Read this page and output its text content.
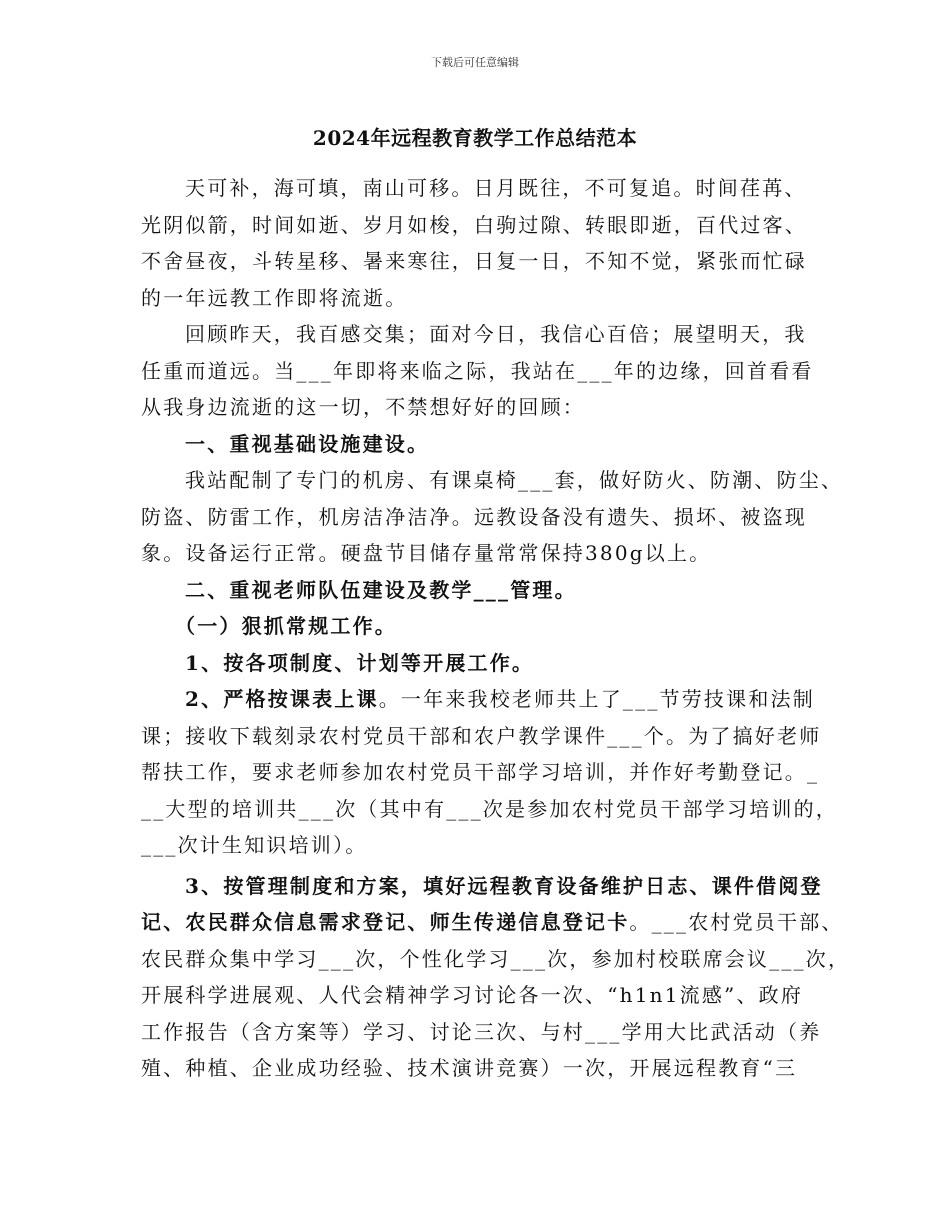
下载后可任意编辑
2024年远程教育教学工作总结范本
天可补，海可填，南山可移。日月既往，不可复追。时间荏苒、
光阴似箭，时间如逝、岁月如梭，白驹过隙、转眼即逝，百代过客、
不舍昼夜，斗转星移、暑来寒往，日复一日，不知不觉，紧张而忙碌
的一年远教工作即将流逝。
回顾昨天，我百感交集；面对今日，我信心百倍；展望明天，我
任重而道远。当___年即将来临之际，我站在___年的边缘，回首看看
从我身边流逝的这一切，不禁想好好的回顾：
一、重视基础设施建设。
我站配制了专门的机房、有课桌椅___套，做好防火、防潮、防尘、
防盗、防雷工作，机房洁净洁净。远教设备没有遗失、损坏、被盗现
象。设备运行正常。硬盘节目储存量常常保持380g以上。
二、重视老师队伍建设及教学___管理。
（一）狠抓常规工作。
1、按各项制度、计划等开展工作。
2、严格按课表上课。一年来我校老师共上了___节劳技课和法制
课；接收下载刻录农村党员干部和农户教学课件___个。为了搞好老师
帮扶工作，要求老师参加农村党员干部学习培训，并作好考勤登记。_
__大型的培训共___次（其中有___次是参加农村党员干部学习培训的，
___次计生知识培训）。
3、按管理制度和方案，填好远程教育设备维护日志、课件借阅登
记、农民群众信息需求登记、师生传递信息登记卡。___农村党员干部、
农民群众集中学习___次，个性化学习___次，参加村校联席会议___次，
开展科学进展观、人代会精神学习讨论各一次、“h1n1流感”、政府
工作报告（含方案等）学习、讨论三次、与村___学用大比武活动（养
殖、种植、企业成功经验、技术演讲竞赛）一次，开展远程教育“三
